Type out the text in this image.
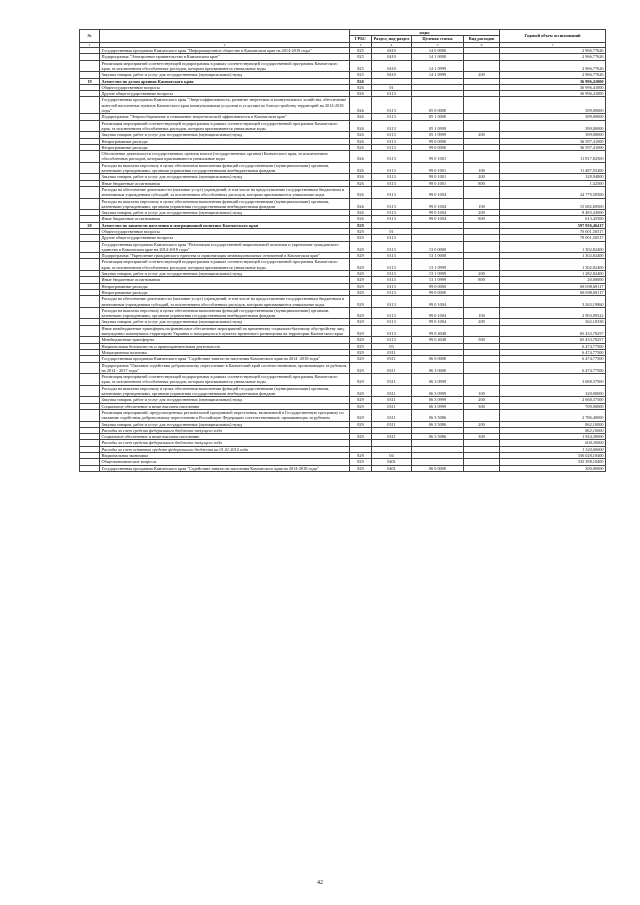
№		коды				Годовой объем ассигнований
		ГРБС	Раздел, под-раздел	Целевая статья	Вид расходов	
1	2	3	4	5	6	7
	Государственная программа Камчатского края "Информационное общество в Камчатском крае на 2014-2018 годы"	825	0410	14 0 0000		2 966,77626
	Подпрограмма "Электронное правительство в Камчатском крае"	825	0410	14 1 0000		2 966,77626
	Реализация мероприятий соответствующей подпрограммы в рамках соответствующей государственной программы Камчатского края, за исключением обособленных расходов, которым присваиваются уникальные коды	825	0410	14 1 0999		2 966,77626
	Закупка товаров, работ и услуг для государственных (муниципальных) нужд	825	0410	14 1 0999	200	2 966,77626
19	Агентство по делам архивов Камчатского края	826				36 996,41000
	Общегосударственные вопросы	826	01			36 996,41000
	Другие общегосударственные вопросы	826	0113			36 996,41000
	Государственная программа Камчатского края "Энергоэффективность, развитие энергетики и коммунального хозяйства, обеспечение жителей населенных пунктов Камчатского края коммунальными услугами и услугами по благоустройству территорий на 2014-2018 годы"	826	0113	05 0 0000		399,00000
	Подпрограмма "Энергосбережение и повышение энергетической эффективности в Камчатском крае"	826	0113	05 1 0000		399,00000
	Реализация мероприятий соответствующей подпрограммы в рамках соответствующей государственной программы Камчатского края, за исключением обособленных расходов, которым присваиваются уникальные коды	826	0113	05 1 0999		399,00000
	Закупка товаров, работ и услуг для государственных (муниципальных) нужд	826	0113	05 1 0999	200	399,00000
	Непрограммные расходы	826	0113	99 0 0000		36 597,41000
	Непрограммные расходы	826	0113	99 0 0000		36 597,41000
	Обеспечение деятельности государственных органов власти (государственных органов) Камчатского края, за исключением обособленных расходов, которым присваиваются уникальные коды	826	0113	99 0 1001		11 817,82500
	Расходы на выплаты персоналу в целях обеспечения выполнения функций государственными (муниципальными) органами, казенными учреждениями, органами управления государственными внебюджетными фондами	826	0113	99 0 1001	100	11 487,55200
	Закупка товаров, работ и услуг для государственных (муниципальных) нужд	826	0113	99 0 1001	200	328,94800
	Иные бюджетные ассигнования	826	0113	99 0 1001	800	1,32500
	Расходы на обеспечение деятельности (оказание услуг) учреждений, в том числе на предоставление государственным бюджетным и автономным учреждениям субсидий, за исключением обособленных расходов, которым присваиваются уникальные коды	826	0113	99 0 1004		24 779,58500
	Расходы на выплаты персоналу в целях обеспечения выполнения функций государственными (муниципальными) органами, казенными учреждениями, органами управления государственными внебюджетными фондами	826	0113	99 0 1004	100	15 682,69500
	Закупка товаров, работ и услуг для государственных (муниципальных) нужд	826	0113	99 0 1004	200	8 483,43000
	Иные бюджетные ассигнования	826	0113	99 0 1004	800	613,45500
20	Агентство по занятости населения и миграционной политике Камчатского края	829				597 956,46417
	Общегосударственные вопросы	829	01			70 001,50517
	Другие общегосударственные вопросы	829	0113			70 001,50517
	Государственная программа Камчатского края "Реализация государственной национальной политики и укрепление гражданского единства в Камчатском крае на 2014-2018 годы"	829	0113	13 0 0000		1 302,82400
	Подпрограмма "Укрепление гражданского единства и гармонизация межнациональных отношений в Камчатском крае"	829	0113	13 1 0000		1 302,82400
	Реализация мероприятий соответствующей подпрограммы в рамках соответствующей государственной программы Камчатского края, за исключением обособленных расходов, которым присваиваются уникальные коды	829	0113	13 1 0999		1 302,82400
	Закупка товаров, работ и услуг для государственных (муниципальных) нужд	829	0113	13 1 0999	200	1 282,82400
	Иные бюджетные ассигнования	829	0113	13 1 0999	800	20,00000
	Непрограммные расходы	829	0113	99 0 0000		68 698,68117
	Непрограммные расходы	829	0113	99 0 0000		68 698,68117
	Расходы на обеспечение деятельности (оказание услуг) учреждений, в том числе на предоставление государственным бюджетным и автономным учреждениям субсидий, за исключением обособленных расходов, которым присваиваются уникальные коды	829	0113	99 0 1004		3 265,19860
	Расходы на выплаты персоналу в целях обеспечения выполнения функций государственными (муниципальными) органами, казенными учреждениями, органами управления государственными внебюджетными фондами	829	0113	99 0 1004	100	2 903,09522
	Закупка товаров, работ и услуг для государственных (муниципальных) нужд	829	0113	99 0 1004	200	362,10338
	Иные межбюджетные трансферты на финансовое обеспечение мероприятий по временному социально-бытовому обустройству лиц, вынужденно покинувших территорию Украины и находящихся в пунктах временного размещения на территории Камчатского края	829	0113	99 0 4048		65 433,78257
	Межбюджетные трансферты	829	0113	99 0 4048	500	65 433,78257
	Национальная безопасность и правоохранительная деятельность	829	03			6 474,77500
	Миграционная политика	829	0311			6 474,77500
	Государственная программа Камчатского края "Содействие занятости населения Камчатского края на 2014 -2018 годы"	829	0311	06 0 0000		6 474,77500
	Подпрограмма "Оказание содействия добровольному переселению в Камчатский край соотечественников, проживающих за рубежом, на 2014 - 2017 годы"	829	0311	06 3 0000		6 474,77500
	Реализация мероприятий соответствующей подпрограммы в рамках соответствующей государственной программы Камчатского края, за исключением обособленных расходов, которым присваиваются уникальные коды	829	0311	06 3 0999		3 688,37500
	Расходы на выплаты персоналу в целях обеспечения выполнения функций государственными (муниципальными) органами, казенными учреждениями, органами управления государственными внебюджетными фондами	829	0311	06 3 0999	100	320,00000
	Закупка товаров, работ и услуг для государственных (муниципальных) нужд	829	0311	06 3 0999	200	2 668,37500
	Социальное обеспечение и иные выплаты населению	829	0311	06 3 0999	300	700,00000
	Реализация мероприятий, предусмотренных региональной программой переселения, включенной в Государственную программу по оказанию содействия добровольному переселению в Российскую Федерацию соотечественников, проживающих за рубежом	829	0311	06 3 5086		2 786,40000
	Закупка товаров, работ и услуг для государственных (муниципальных) нужд	829	0311	06 3 5086	200	862,10000
	Расходы за счет средств федерального бюджета текущего года					862,10000
	Социальное обеспечение и иные выплаты населению	829	0311	06 3 5086	300	1 924,30000
	Расходы за счет средств федерального бюджета текущего года					604,30000
	Расходы за счет остатков средств федерального бюджета на 01.01.2014 года					1 320,00000
	Национальная экономика	829	04			336 028,18400
	Общеэкономические вопросы	829	0401			335 398,18400
	Государственная программа Камчатского края "Содействие занятости населения Камчатского края на 2014-2018 годы"	829	0401	06 0 0000		300,00000
42
